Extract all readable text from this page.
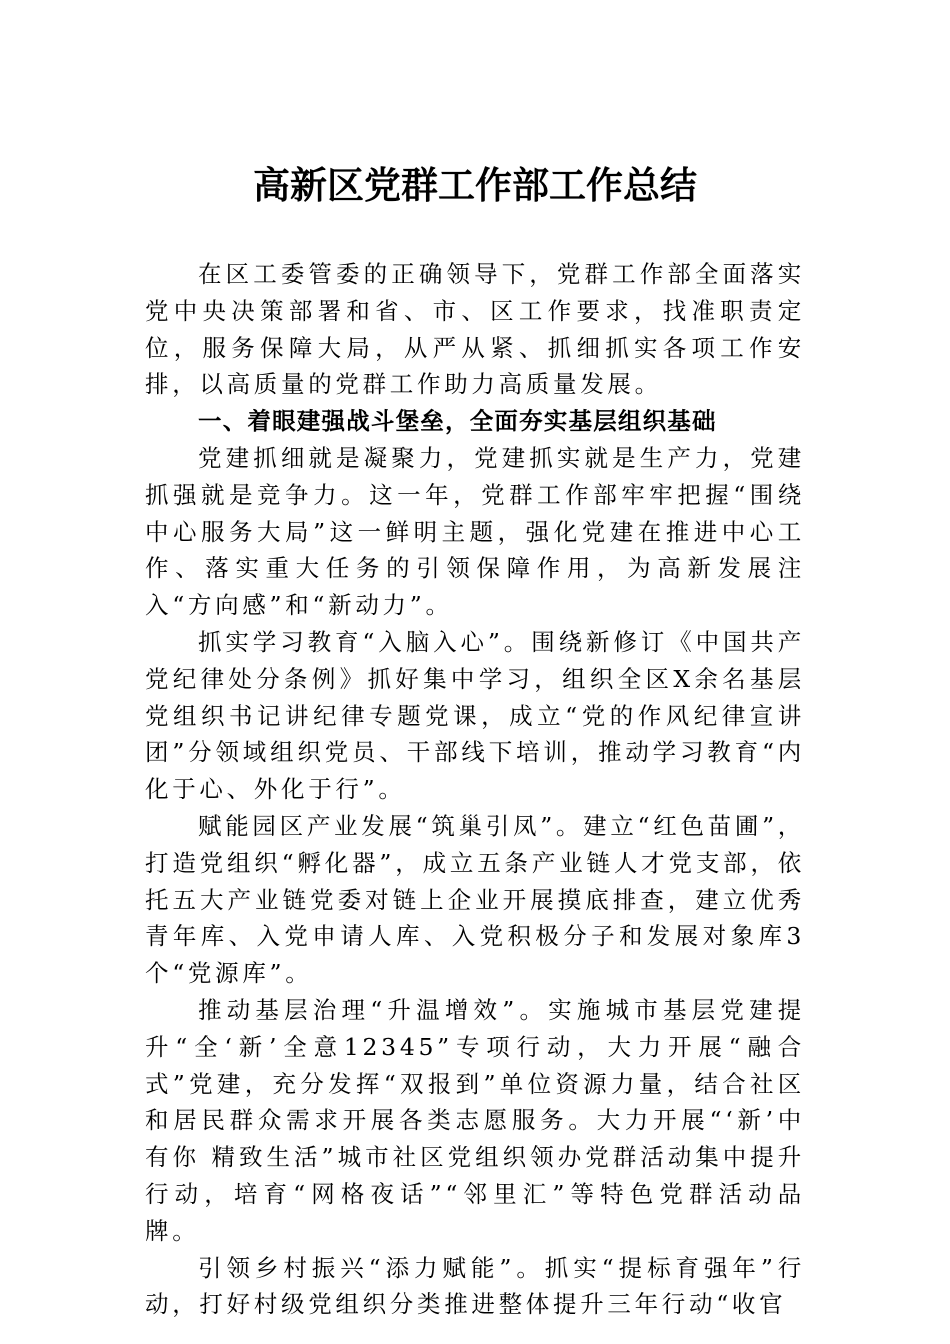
高新区党群工作部工作总结

在区工委管委的正确领导下，党群工作部全面落实党中央决策部署和省、市、区工作要求，找准职责定位，服务保障大局，从严从紧、抓细抓实各项工作安排，以高质量的党群工作助力高质量发展。

一、着眼建强战斗堡垒，全面夯实基层组织基础

党建抓细就是凝聚力，党建抓实就是生产力，党建抓强就是竞争力。这一年，党群工作部牢牢把握“围绕中心服务大局”这一鲜明主题，强化党建在推进中心工作、落实重大任务的引领保障作用，为高新发展注入“方向感”和“新动力”。

抓实学习教育“入脑入心”。围绕新修订《中国共产党纪律处分条例》抓好集中学习，组织全区X余名基层党组织书记讲纪律专题党课，成立“党的作风纪律宣讲团”分领域组织党员、干部线下培训，推动学习教育“内化于心、外化于行”。

赋能园区产业发展“筑巢引凤”。建立“红色苗圃”，打造党组织“孵化器”，成立五条产业链人才党支部，依托五大产业链党委对链上企业开展摸底排查，建立优秀青年库、入党申请人库、入党积极分子和发展对象库3个“党源库”。

推动基层治理“升温增效”。实施城市基层党建提升“全‘新’全意12345”专项行动，大力开展“融合式”党建，充分发挥“双报到”单位资源力量，结合社区和居民群众需求开展各类志愿服务。大力开展“‘新’中有你 精致生活”城市社区党组织领办党群活动集中提升行动，培育“网格夜话”“邻里汇”等特色党群活动品牌。

引领乡村振兴“添力赋能”。抓实“提标育强年”行动，打好村级党组织分类推进整体提升三年行动“收官
